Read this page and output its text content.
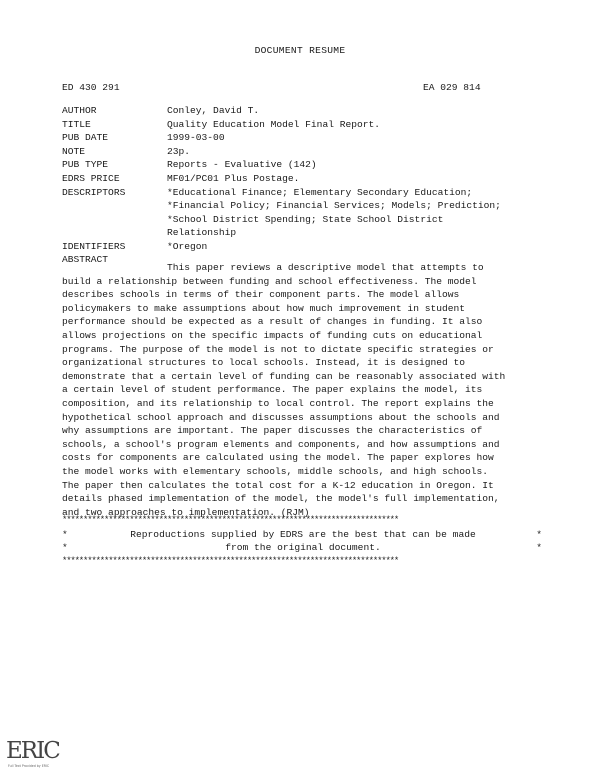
DOCUMENT RESUME
ED 430 291	EA 029 814
AUTHOR	Conley, David T.
TITLE	Quality Education Model Final Report.
PUB DATE	1999-03-00
NOTE	23p.
PUB TYPE	Reports - Evaluative (142)
EDRS PRICE	MF01/PC01 Plus Postage.
DESCRIPTORS	*Educational Finance; Elementary Secondary Education;
*Financial Policy; Financial Services; Models; Prediction;
*School District Spending; State School District
Relationship
IDENTIFIERS	*Oregon
ABSTRACT
This paper reviews a descriptive model that attempts to
build a relationship between funding and school effectiveness. The model
describes schools in terms of their component parts. The model allows
policymakers to make assumptions about how much improvement in student
performance should be expected as a result of changes in funding. It also
allows projections on the specific impacts of funding cuts on educational
programs. The purpose of the model is not to dictate specific strategies or
organizational structures to local schools. Instead, it is designed to
demonstrate that a certain level of funding can be reasonably associated with
a certain level of student performance. The paper explains the model, its
composition, and its relationship to local control. The report explains the
hypothetical school approach and discusses assumptions about the schools and
why assumptions are important. The paper discusses the characteristics of
schools, a school's program elements and components, and how assumptions and
costs for components are calculated using the model. The paper explores how
the model works with elementary schools, middle schools, and high schools.
The paper then calculates the total cost for a K-12 education in Oregon. It
details phased implementation of the model, the model's full implementation,
and two approaches to implementation. (RJM)
********************************************************************************
*	Reproductions supplied by EDRS are the best that can be made	*
*	from the original document.	*
********************************************************************************
ERIC
Full Text Provided by ERIC
